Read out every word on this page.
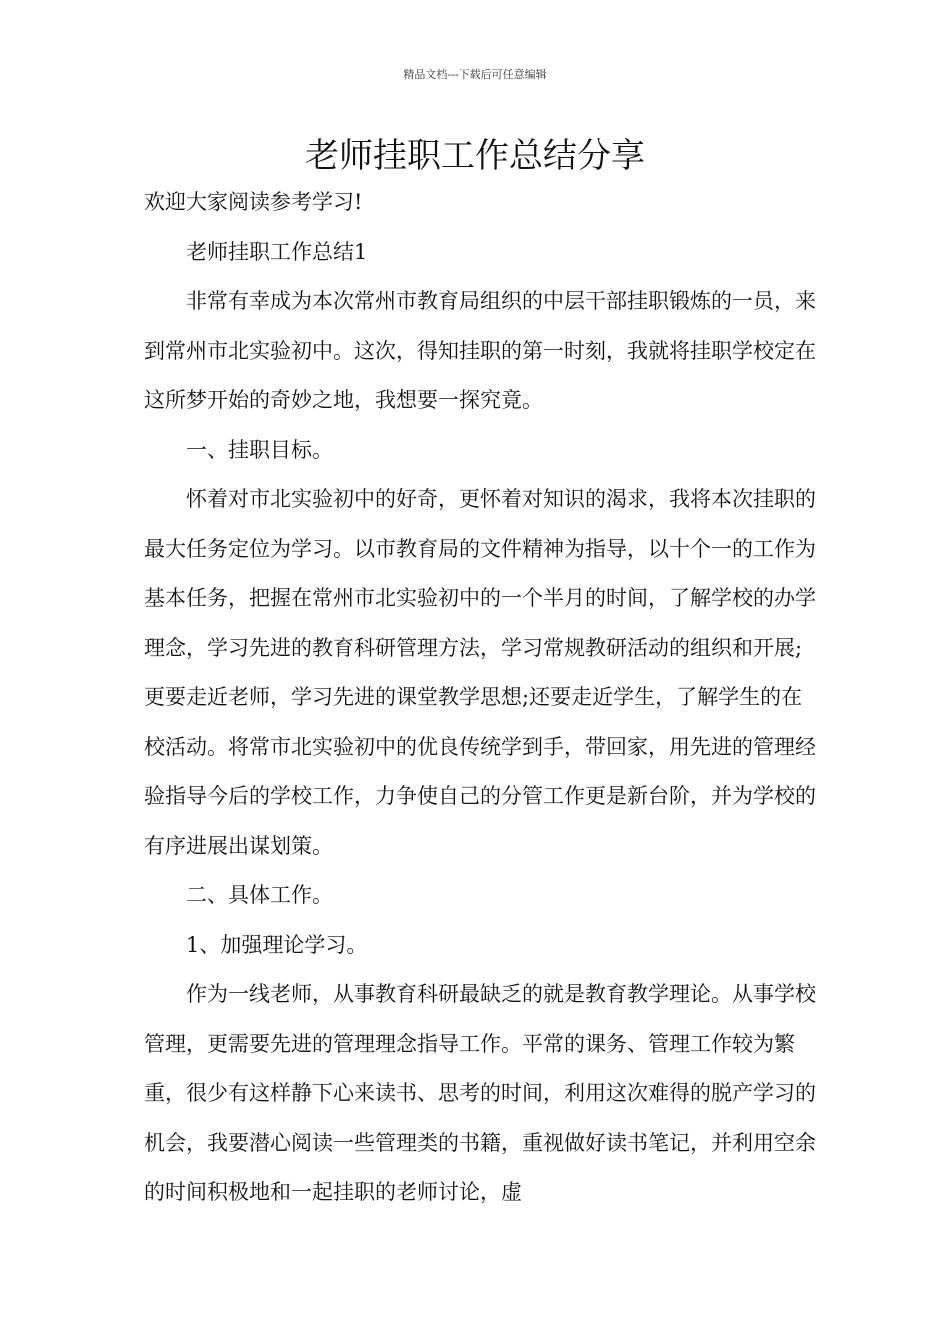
精品文档---下载后可任意编辑
老师挂职工作总结分享

欢迎大家阅读参考学习!

老师挂职工作总结1

非常有幸成为本次常州市教育局组织的中层干部挂职锻炼的一员，来到常州市北实验初中。这次，得知挂职的第一时刻，我就将挂职学校定在这所梦开始的奇妙之地，我想要一探究竟。

一、挂职目标。

怀着对市北实验初中的好奇，更怀着对知识的渴求，我将本次挂职的最大任务定位为学习。以市教育局的文件精神为指导，以十个一的工作为基本任务，把握在常州市北实验初中的一个半月的时间，了解学校的办学理念，学习先进的教育科研管理方法，学习常规教研活动的组织和开展;更要走近老师，学习先进的课堂教学思想;还要走近学生，了解学生的在校活动。将常市北实验初中的优良传统学到手，带回家，用先进的管理经验指导今后的学校工作，力争使自己的分管工作更是新台阶，并为学校的有序进展出谋划策。

二、具体工作。

1、加强理论学习。

作为一线老师，从事教育科研最缺乏的就是教育教学理论。从事学校管理，更需要先进的管理理念指导工作。平常的课务、管理工作较为繁重，很少有这样静下心来读书、思考的时间，利用这次难得的脱产学习的机会，我要潜心阅读一些管理类的书籍，重视做好读书笔记，并利用空余的时间积极地和一起挂职的老师讨论，虚
